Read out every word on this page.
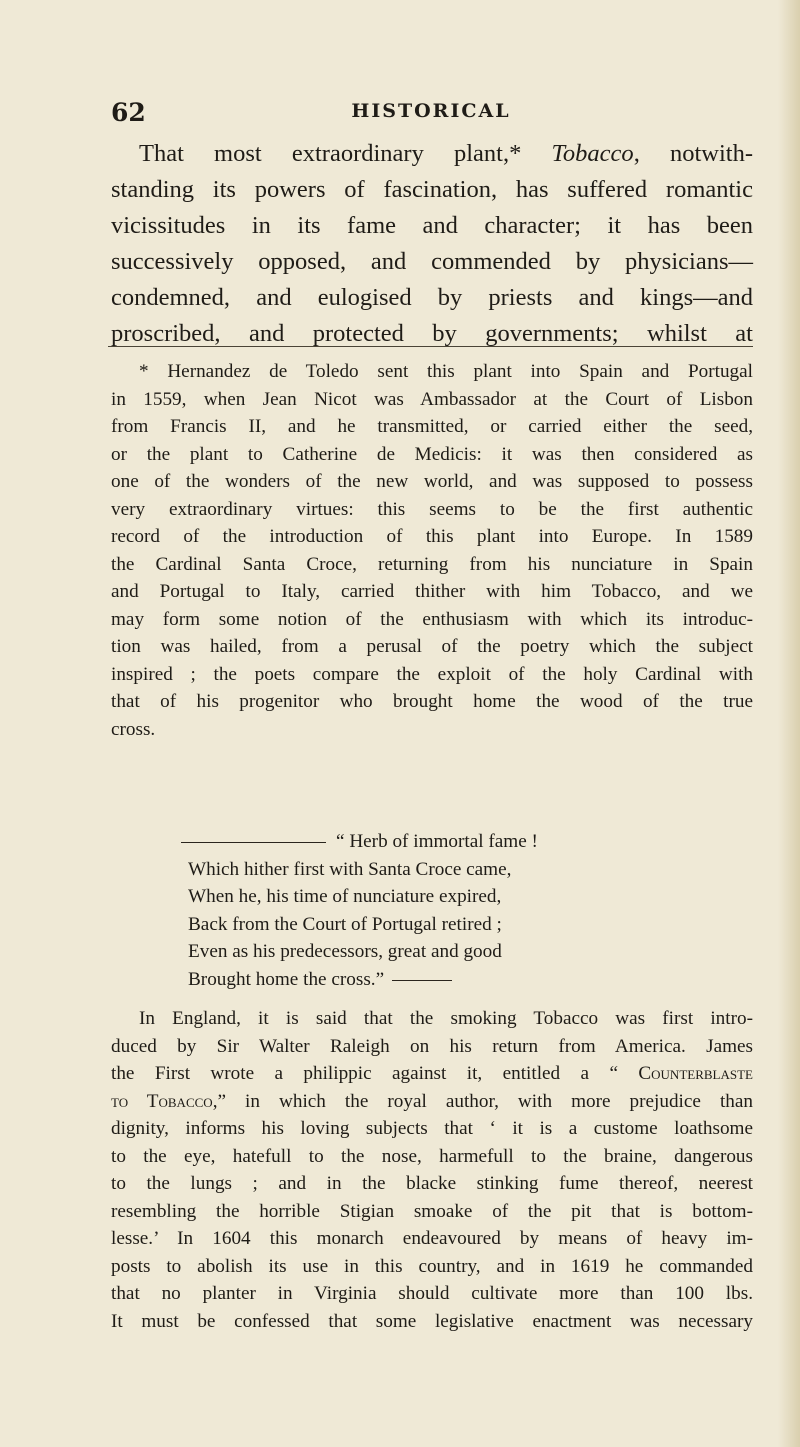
62	HISTORICAL
That most extraordinary plant,* Tobacco, notwith-
standing its powers of fascination, has suffered romantic
vicissitudes in its fame and character; it has been
successively opposed, and commended by physicians—
condemned, and eulogised by priests and kings—and
proscribed, and protected by governments; whilst at
* Hernandez de Toledo sent this plant into Spain and Portugal
in 1559, when Jean Nicot was Ambassador at the Court of Lisbon
from Francis II, and he transmitted, or carried either the seed,
or the plant to Catherine de Medicis: it was then considered as
one of the wonders of the new world, and was supposed to possess
very extraordinary virtues: this seems to be the first authentic
record of the introduction of this plant into Europe. In 1589
the Cardinal Santa Croce, returning from his nunciature in Spain
and Portugal to Italy, carried thither with him Tobacco, and we
may form some notion of the enthusiasm with which its introduc-
tion was hailed, from a perusal of the poetry which the subject
inspired ; the poets compare the exploit of the holy Cardinal with
that of his progenitor who brought home the wood of the true
cross.
“ Herb of immortal fame !
Which hither first with Santa Croce came,
When he, his time of nunciature expired,
Back from the Court of Portugal retired ;
Even as his predecessors, great and good
Brought home the cross.”
In England, it is said that the smoking Tobacco was first intro-
duced by Sir Walter Raleigh on his return from America. James
the First wrote a philippic against it, entitled a “ Counterblaste
to Tobacco,” in which the royal author, with more prejudice than
dignity, informs his loving subjects that ‘ it is a custome loathsome
to the eye, hatefull to the nose, harmefull to the braine, dangerous
to the lungs ; and in the blacke stinking fume thereof, neerest
resembling the horrible Stigian smoake of the pit that is bottom-
lesse.’ In 1604 this monarch endeavoured by means of heavy im-
posts to abolish its use in this country, and in 1619 he commanded
that no planter in Virginia should cultivate more than 100 lbs.
It must be confessed that some legislative enactment was necessary
